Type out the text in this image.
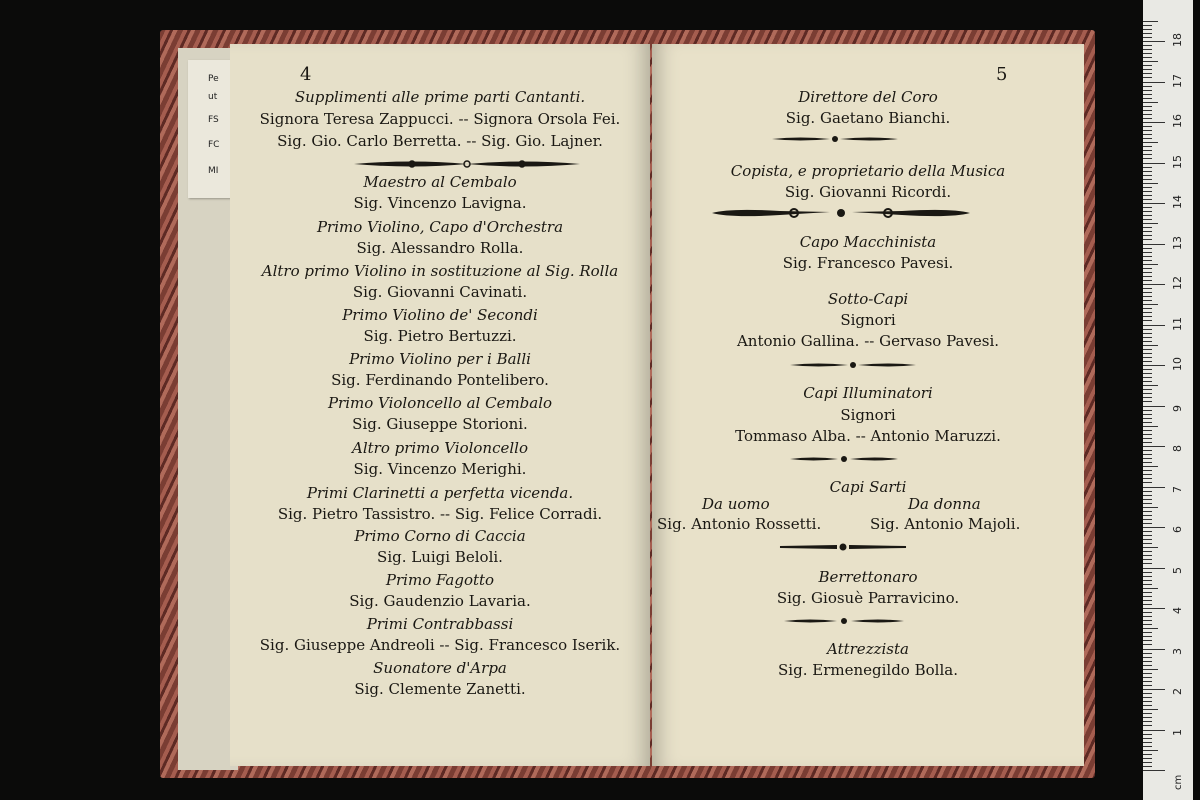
Pe
ut
FS
FC
MI
4
Supplimenti alle prime parti Cantanti.
Signora Teresa Zappucci. -- Signora Orsola Fei.
Sig. Gio. Carlo Berretta. -- Sig. Gio. Lajner.
Maestro al Cembalo
Sig. Vincenzo Lavigna.
Primo Violino, Capo d'Orchestra
Sig. Alessandro Rolla.
Altro primo Violino in sostituzione al Sig. Rolla
Sig. Giovanni Cavinati.
Primo Violino de' Secondi
Sig. Pietro Bertuzzi.
Primo Violino per i Balli
Sig. Ferdinando Pontelibero.
Primo Violoncello al Cembalo
Sig. Giuseppe Storioni.
Altro primo Violoncello
Sig. Vincenzo Merighi.
Primi Clarinetti a perfetta vicenda.
Sig. Pietro Tassistro. -- Sig. Felice Corradi.
Primo Corno di Caccia
Sig. Luigi Beloli.
Primo Fagotto
Sig. Gaudenzio Lavaria.
Primi Contrabbassi
Sig. Giuseppe Andreoli -- Sig. Francesco Iserik.
Suonatore d'Arpa
Sig. Clemente Zanetti.
5
Direttore del Coro
Sig. Gaetano Bianchi.
Copista, e proprietario della Musica
Sig. Giovanni Ricordi.
Capo Macchinista
Sig. Francesco Pavesi.
Sotto-Capi
Signori
Antonio Gallina. -- Gervaso Pavesi.
Capi Illuminatori
Signori
Tommaso Alba. -- Antonio Maruzzi.
Capi Sarti
Da uomo	Da donna
Sig. Antonio Rossetti.	Sig. Antonio Majoli.
Berrettonaro
Sig. Giosuè Parravicino.
Attrezzista
Sig. Ermenegildo Bolla.
1
2
3
4
5
6
7
8
9
10
11
12
13
14
15
16
17
18
cm
